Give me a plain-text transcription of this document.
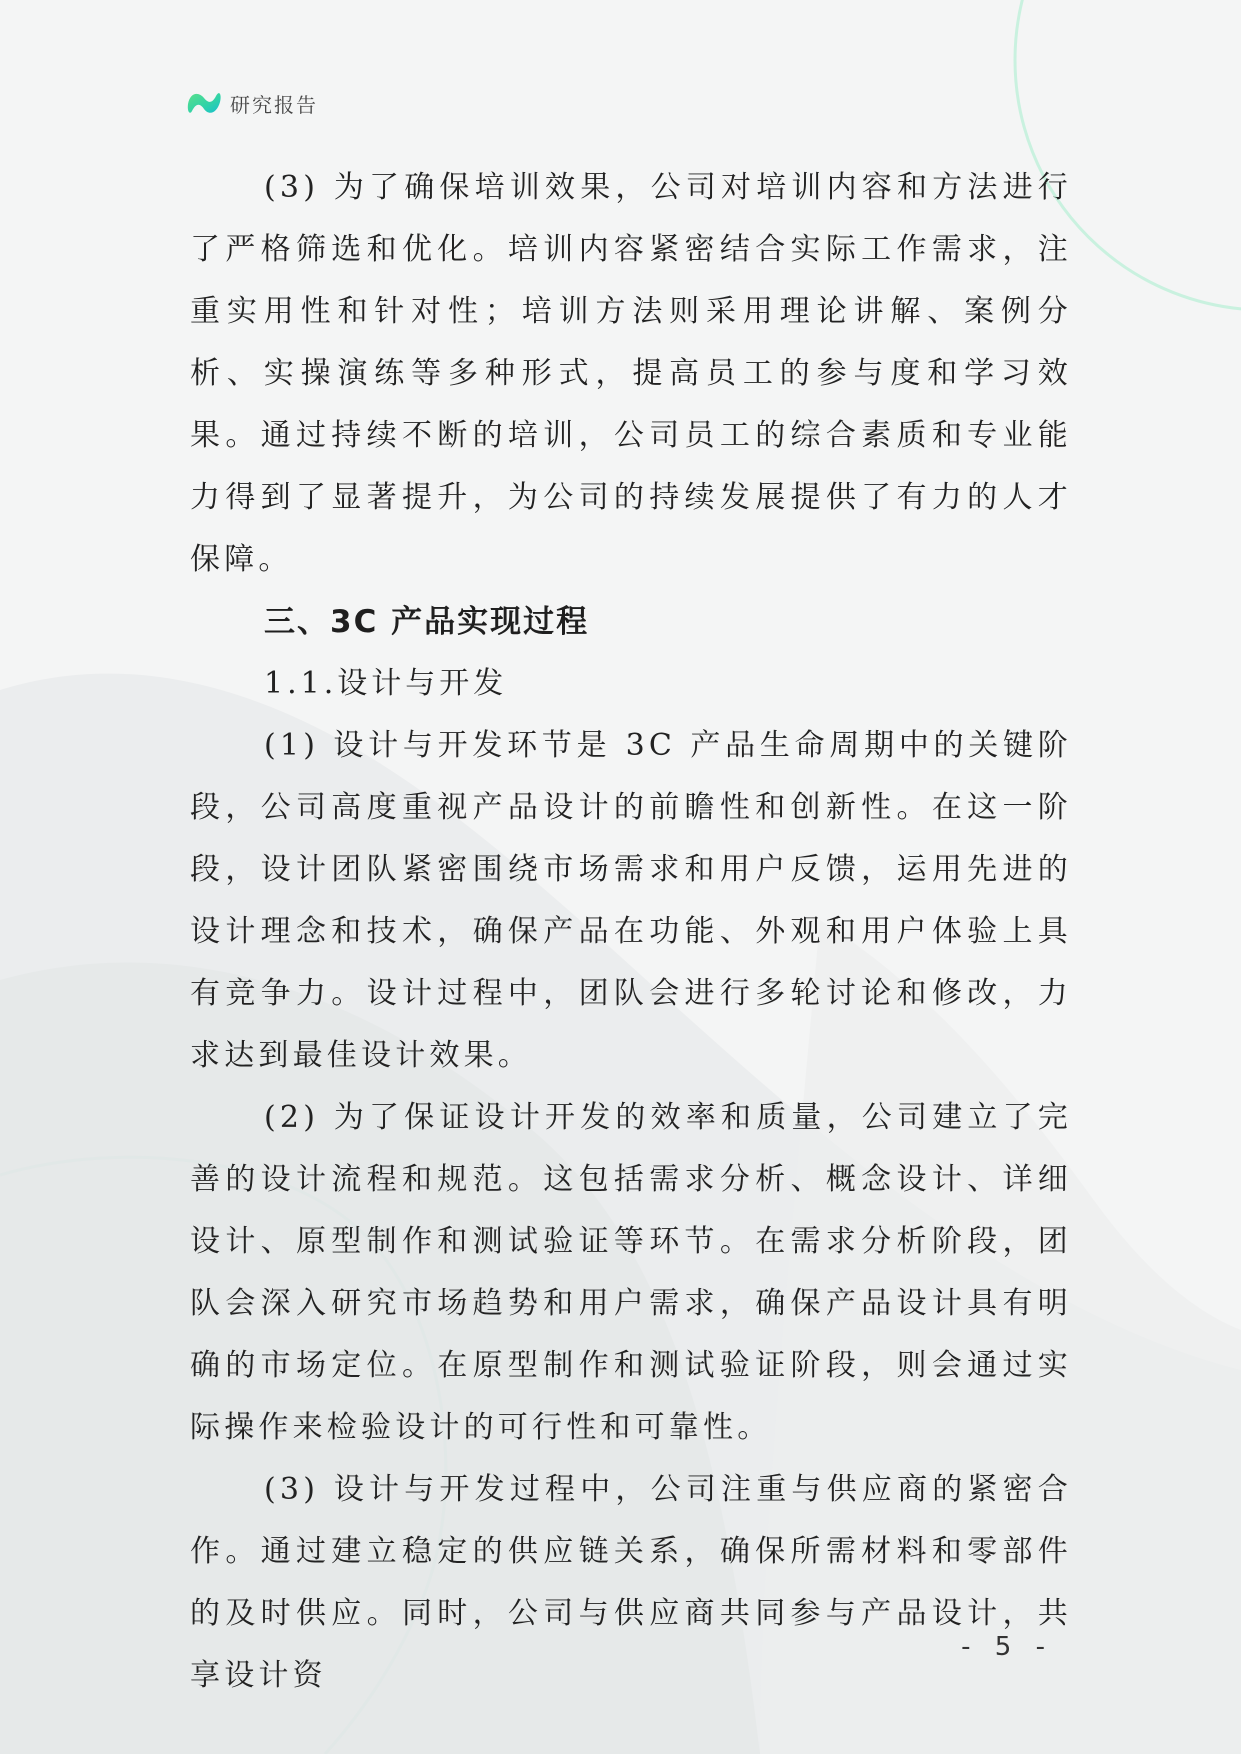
研究报告

(3) 为了确保培训效果，公司对培训内容和方法进行了严格筛选和优化。培训内容紧密结合实际工作需求，注重实用性和针对性；培训方法则采用理论讲解、案例分析、实操演练等多种形式，提高员工的参与度和学习效果。通过持续不断的培训，公司员工的综合素质和专业能力得到了显著提升，为公司的持续发展提供了有力的人才保障。

三、3C 产品实现过程

1.1.设计与开发

(1) 设计与开发环节是 3C 产品生命周期中的关键阶段，公司高度重视产品设计的前瞻性和创新性。在这一阶段，设计团队紧密围绕市场需求和用户反馈，运用先进的设计理念和技术，确保产品在功能、外观和用户体验上具有竞争力。设计过程中，团队会进行多轮讨论和修改，力求达到最佳设计效果。

(2) 为了保证设计开发的效率和质量，公司建立了完善的设计流程和规范。这包括需求分析、概念设计、详细设计、原型制作和测试验证等环节。在需求分析阶段，团队会深入研究市场趋势和用户需求，确保产品设计具有明确的市场定位。在原型制作和测试验证阶段，则会通过实际操作来检验设计的可行性和可靠性。

(3) 设计与开发过程中，公司注重与供应商的紧密合作。通过建立稳定的供应链关系，确保所需材料和零部件的及时供应。同时，公司与供应商共同参与产品设计，共享设计资

- 5 -
